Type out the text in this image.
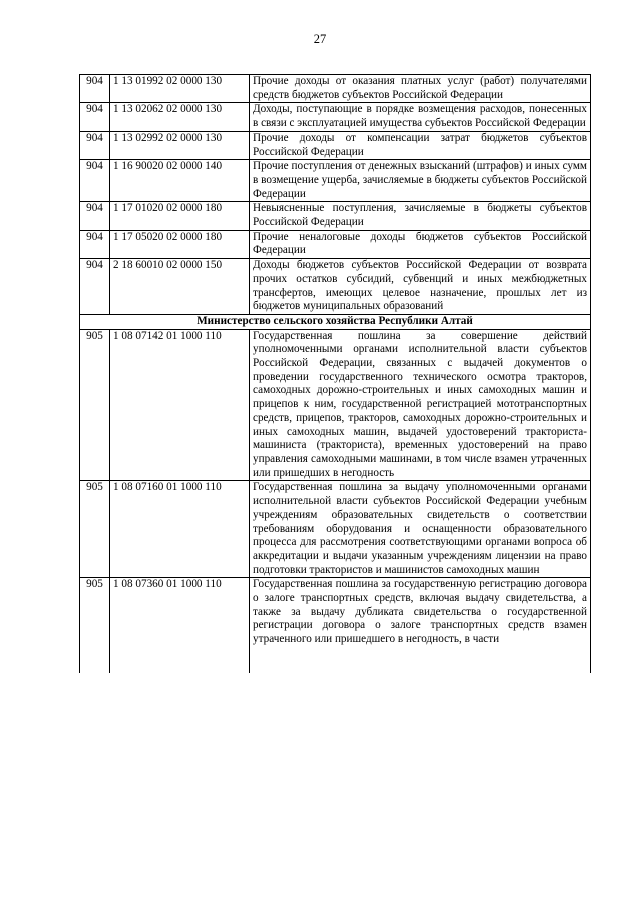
27
904	1 13 01992 02 0000 130	Прочие доходы от оказания платных услуг (работ) получателями средств бюджетов субъектов Российской Федерации
904	1 13 02062 02 0000 130	Доходы, поступающие в порядке возмещения расходов, понесенных в связи с эксплуатацией имущества субъектов Российской Федерации
904	1 13 02992 02 0000 130	Прочие доходы от компенсации затрат бюджетов субъектов Российской Федерации
904	1 16 90020 02 0000 140	Прочие поступления от денежных взысканий (штрафов) и иных сумм в возмещение ущерба, зачисляемые в бюджеты субъектов Российской Федерации
904	1 17 01020 02 0000 180	Невыясненные поступления, зачисляемые в бюджеты субъектов Российской Федерации
904	1 17 05020 02 0000 180	Прочие неналоговые доходы бюджетов субъектов Российской Федерации
904	2 18 60010 02 0000 150	Доходы бюджетов субъектов Российской Федерации от возврата прочих остатков субсидий, субвенций и иных межбюджетных трансфертов, имеющих целевое назначение, прошлых лет из бюджетов муниципальных образований
Министерство сельского хозяйства Республики Алтай		
905	1 08 07142 01 1000 110	Государственная пошлина за совершение действий уполномоченными органами исполнительной власти субъектов Российской Федерации, связанных с выдачей документов о проведении государственного технического осмотра тракторов, самоходных дорожно-строительных и иных самоходных машин и прицепов к ним, государственной регистрацией мототранспортных средств, прицепов, тракторов, самоходных дорожно-строительных и иных самоходных машин, выдачей удостоверений тракториста-машиниста (тракториста), временных удостоверений на право управления самоходными машинами, в том числе взамен утраченных или пришедших в негодность
905	1 08 07160 01 1000 110	Государственная пошлина за выдачу уполномоченными органами исполнительной власти субъектов Российской Федерации учебным учреждениям образовательных свидетельств о соответствии требованиям оборудования и оснащенности образовательного процесса для рассмотрения соответствующими органами вопроса об аккредитации и выдачи указанным учреждениям лицензии на право подготовки трактористов и машинистов самоходных машин
905	1 08 07360 01 1000 110	Государственная пошлина за государственную регистрацию договора о залоге транспортных средств, включая выдачу свидетельства, а также за выдачу дубликата свидетельства о государственной регистрации договора о залоге транспортных средств взамен утраченного или пришедшего в негодность, в части
